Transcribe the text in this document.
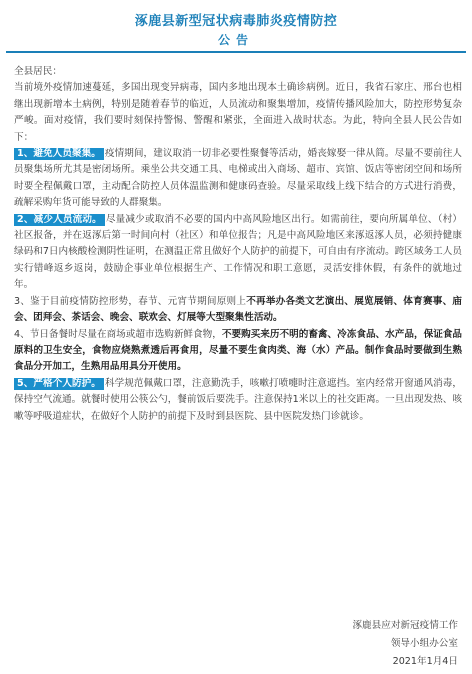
涿鹿县新型冠状病毒肺炎疫情防控
公告

全县居民：

当前境外疫情加速蔓延，多国出现变异病毒，国内多地出现本土确诊病例。近日，我省石家庄、邢台也相继出现新增本土病例，特别是随着春节的临近，人员流动和聚集增加，疫情传播风险加大，防控形势复杂严峻。面对疫情，我们要时刻保持警惕、警醒和紧张，全面进入战时状态。为此，特向全县人民公告如下：

1、避免人员聚集。 疫情期间，建议取消一切非必要性聚餐等活动，婚丧嫁娶一律从简。尽量不要前往人员聚集场所尤其是密闭场所。乘坐公共交通工具、电梯或出入商场、超市、宾馆、饭店等密闭空间和场所时要全程佩戴口罩，主动配合防控人员体温监测和健康码查验。尽量采取线上线下结合的方式进行消费，疏解采购年货可能导致的人群聚集。

2、减少人员流动。 尽量减少或取消不必要的国内中高风险地区出行。如需前往，要向所属单位、（村）社区报备，并在返涿后第一时间向村（社区）和单位报告；凡是中高风险地区来涿返涿人员，必须持健康绿码和7日内核酸检测阴性证明，在测温正常且做好个人防护的前提下，可自由有序流动。跨区域务工人员实行错峰返乡返岗，鼓励企事业单位根据生产、工作情况和职工意愿，灵活安排休假，有条件的就地过年。

3、鉴于目前疫情防控形势，春节、元宵节期间原则上不再举办各类文艺演出、展览展销、体育赛事、庙会、团拜会、茶话会、晚会、联欢会、灯展等大型聚集性活动。

4、节日备餐时尽量在商场或超市选购新鲜食物，不要购买来历不明的畜禽、冷冻食品、水产品，保证食品原料的卫生安全，食物应烧熟煮透后再食用，尽量不要生食肉类、海（水）产品。制作食品时要做到生熟食品分开加工，生熟用品用具分开使用。

5、严格个人防护。 科学规范佩戴口罩，注意勤洗手，咳嗽打喷嚏时注意遮挡。室内经常开窗通风消毒，保持空气流通。就餐时使用公筷公勺，餐前饭后要洗手。注意保持1米以上的社交距离。一旦出现发热、咳嗽等呼吸道症状，在做好个人防护的前提下及时到县医院、县中医院发热门诊就诊。

涿鹿县应对新冠疫情工作
领导小组办公室
2021年1月4日
